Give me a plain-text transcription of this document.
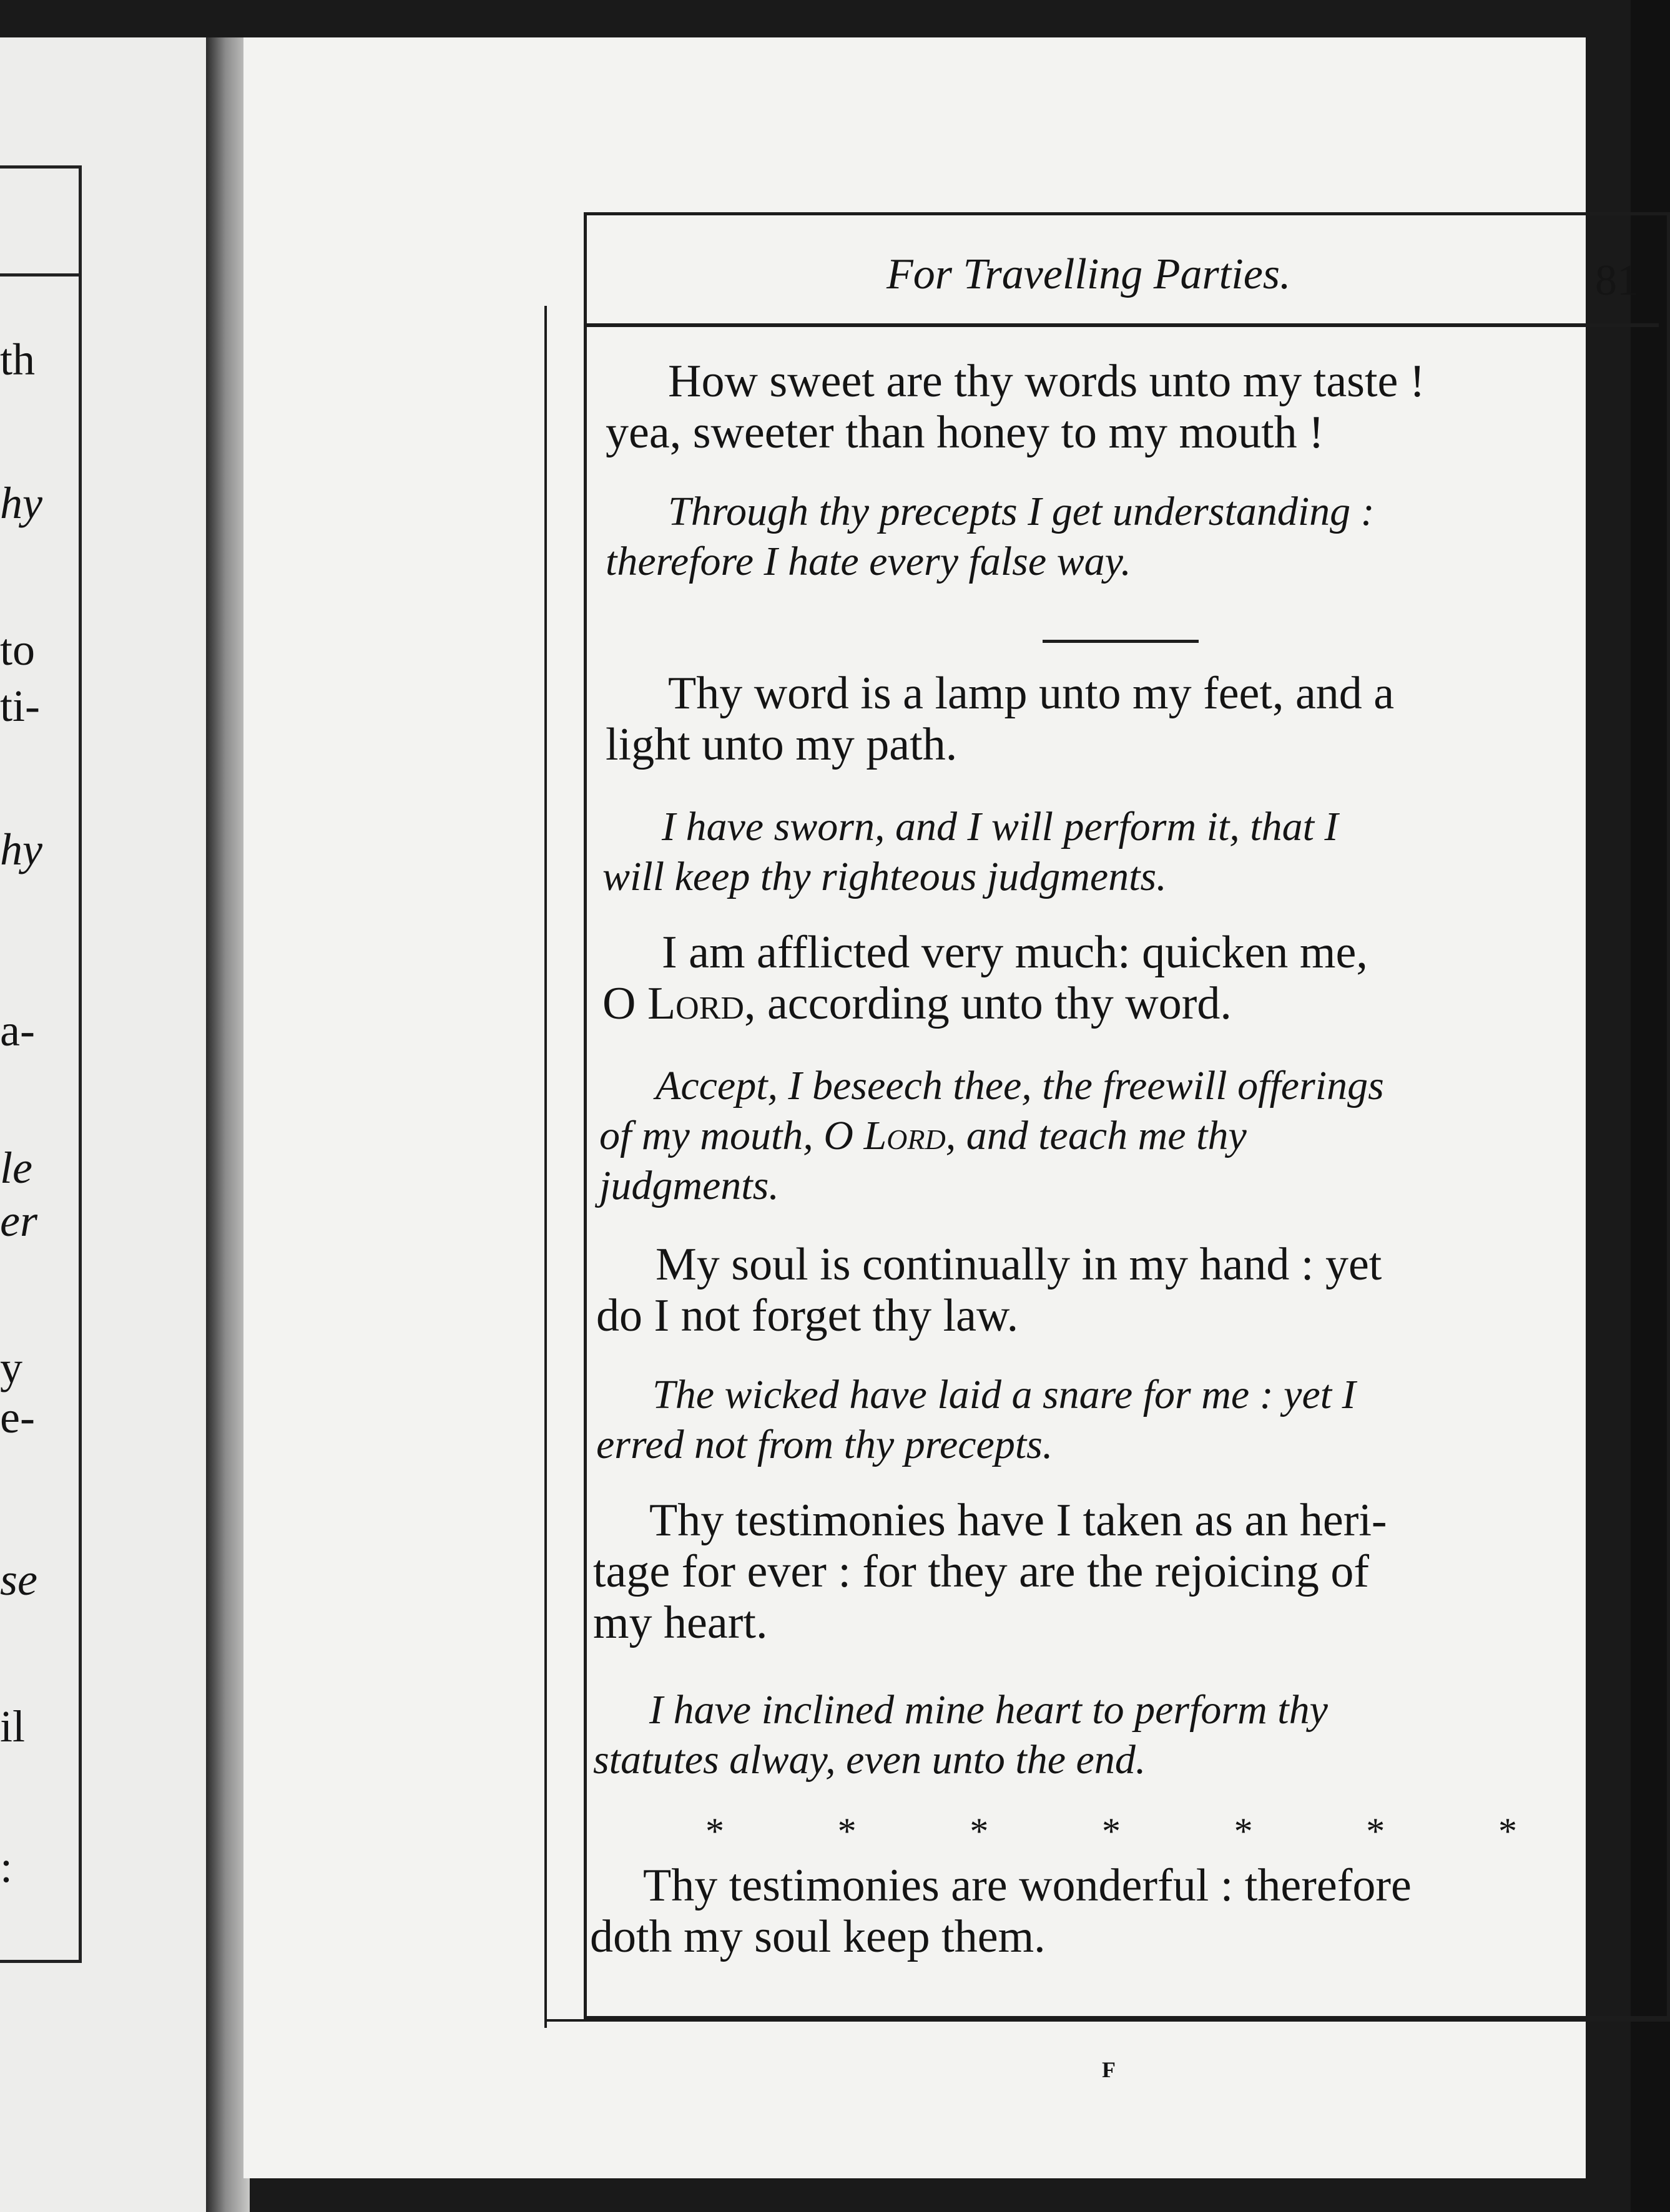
th
hy
to
ti-
hy
a-
le
er
y
e-
se
il
:
For Travelling Parties.	81
How sweet are thy words unto my taste !
yea, sweeter than honey to my mouth !
Through thy precepts I get understanding :
therefore I hate every false way.
Thy word is a lamp unto my feet, and a
light unto my path.
I have sworn, and I will perform it, that I
will keep thy righteous judgments.
I am afflicted very much: quicken me,
O Lord, according unto thy word.
Accept, I beseech thee, the freewill offerings
of my mouth, O Lord, and teach me thy
judgments.
My soul is continually in my hand : yet
do I not forget thy law.
The wicked have laid a snare for me : yet I
erred not from thy precepts.
Thy testimonies have I taken as an heri-
tage for ever : for they are the rejoicing of
my heart.
I have inclined mine heart to perform thy
statutes alway, even unto the end.
*	*	*	*	*	*	*
Thy testimonies are wonderful : therefore
doth my soul keep them.
F
